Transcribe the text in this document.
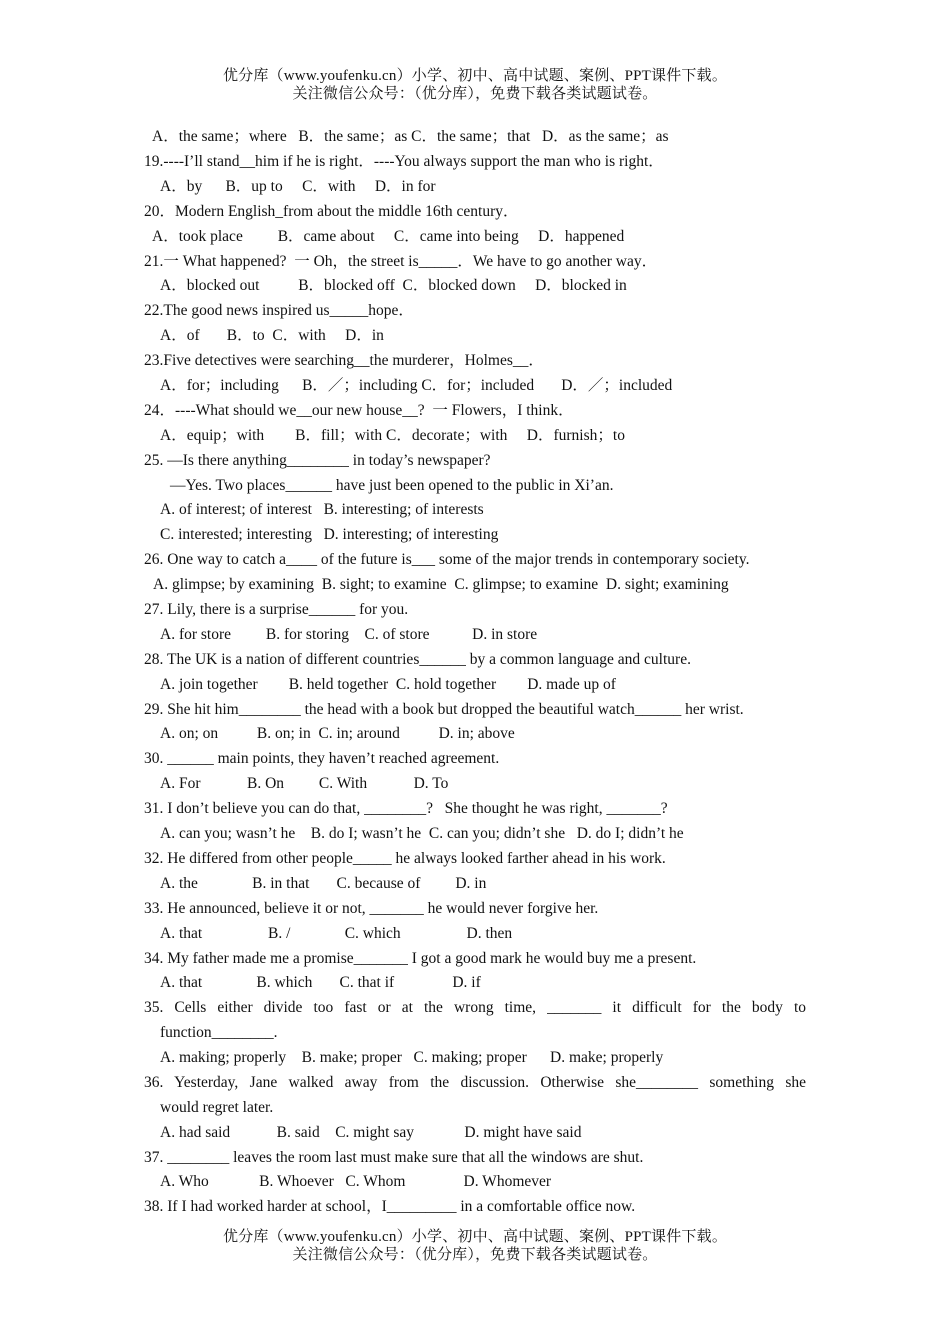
优分库（www.youfenku.cn）小学、初中、高中试题、案例、PPT课件下载。
关注微信公众号：（优分库），免费下载各类试题试卷。

A．the same；where   B．the same；as C．the same；that   D．as the same；as

19.----I’ll stand__him if he is right．----You always support the man who is right．

A．by      B．up to     C．with     D．in for

20．Modern English_from about the middle 16th century．

A．took place         B．came about     C．came into being     D．happened

21.一 What happened?  一 Oh，the street is_____．We have to go another way．

A．blocked out          B．blocked off  C．blocked down     D．blocked in

22.The good news inspired us_____hope．

A．of       B．to  C．with     D．in

23.Five detectives were searching__the murderer，Holmes__．

A．for；including      B．／；including C．for；included       D．／；included

24．----What should we__our new house__?  一 Flowers，I think．

A．equip；with        B．fill；with C．decorate；with     D．furnish；to

25. —Is there anything________ in today’s newspaper?

—Yes. Two places______ have just been opened to the public in Xi’an.

A. of interest; of interest   B. interesting; of interests

C. interested; interesting   D. interesting; of interesting

26. One way to catch a____ of the future is___ some of the major trends in contemporary society.

A. glimpse; by examining  B. sight; to examine  C. glimpse; to examine  D. sight; examining

27. Lily, there is a surprise______ for you.

A. for store         B. for storing    C. of store           D. in store

28. The UK is a nation of different countries______ by a common language and culture.

A. join together        B. held together  C. hold together        D. made up of

29. She hit him________ the head with a book but dropped the beautiful watch______ her wrist.

A. on; on          B. on; in  C. in; around          D. in; above

30. ______ main points, they haven’t reached agreement.

A. For            B. On         C. With            D. To

31. I don’t believe you can do that, ________?   She thought he was right, _______?

A. can you; wasn’t he    B. do I; wasn’t he  C. can you; didn’t she   D. do I; didn’t he

32. He differed from other people_____ he always looked farther ahead in his work.

A. the              B. in that       C. because of         D. in

33. He announced, believe it or not, _______ he would never forgive her.

A. that                 B. /              C. which                 D. then

34. My father made me a promise_______ I got a good mark he would buy me a present.

A. that              B. which       C. that if               D. if

35. Cells either divide too fast or at the wrong time, _______ it difficult for the body to

function________.

A. making; properly    B. make; proper   C. making; proper      D. make; properly

36. Yesterday, Jane walked away from the discussion. Otherwise she________ something she

would regret later.

A. had said            B. said    C. might say             D. might have said

37. ________ leaves the room last must make sure that all the windows are shut.

A. Who             B. Whoever   C. Whom               D. Whomever

38. If I had worked harder at school，I_________ in a comfortable office now.

优分库（www.youfenku.cn）小学、初中、高中试题、案例、PPT课件下载。
关注微信公众号：（优分库），免费下载各类试题试卷。
